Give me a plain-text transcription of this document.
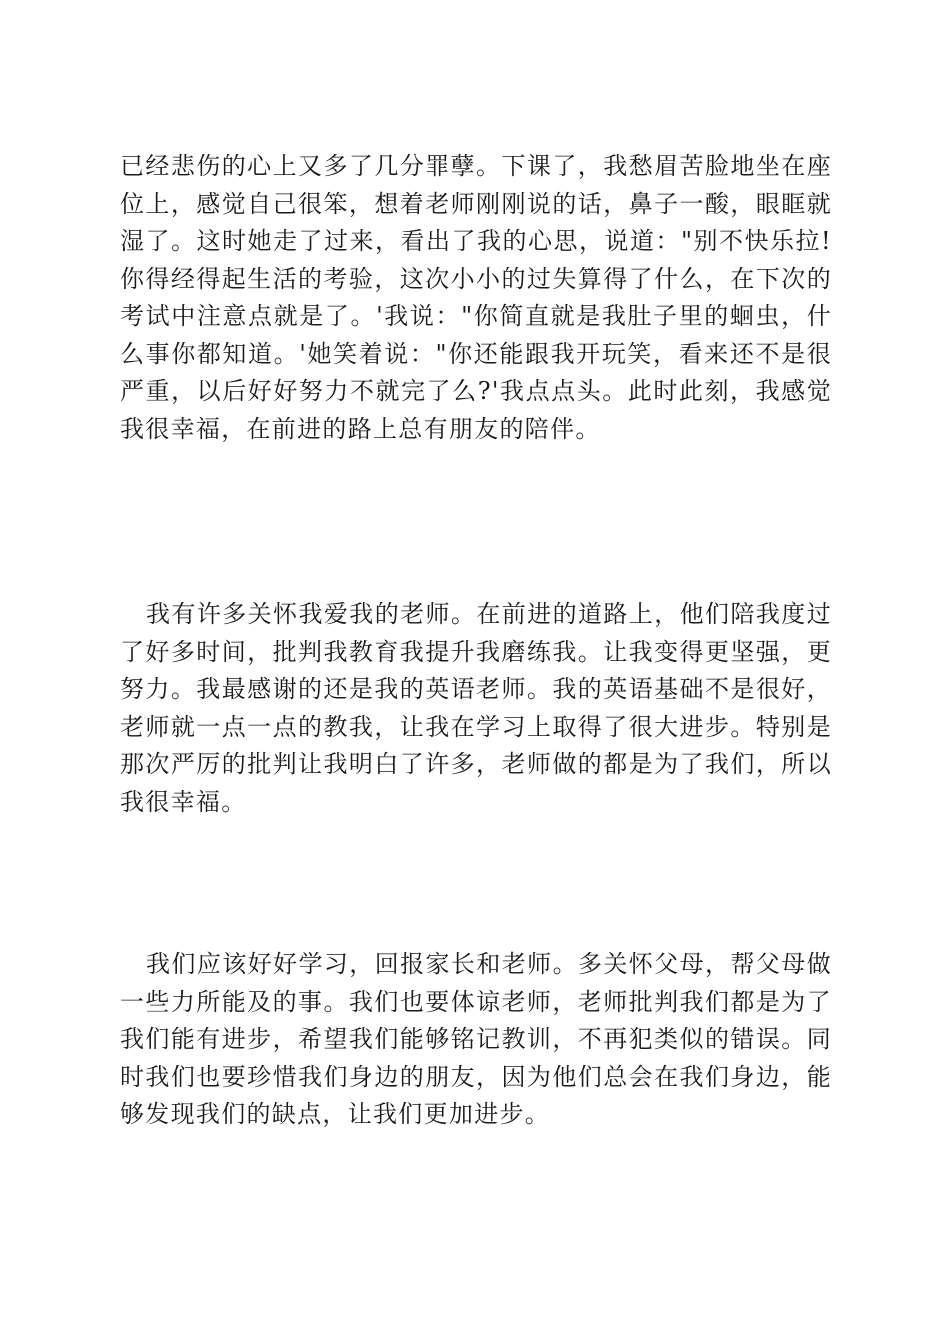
已经悲伤的心上又多了几分罪孽。下课了，我愁眉苦脸地坐在座位上，感觉自己很笨，想着老师刚刚说的话，鼻子一酸，眼眶就湿了。这时她走了过来，看出了我的心思，说道："别不快乐拉!你得经得起生活的考验，这次小小的过失算得了什么，在下次的考试中注意点就是了。'我说："你简直就是我肚子里的蛔虫，什么事你都知道。'她笑着说："你还能跟我开玩笑，看来还不是很严重，以后好好努力不就完了么?'我点点头。此时此刻，我感觉我很幸福，在前进的路上总有朋友的陪伴。

我有许多关怀我爱我的老师。在前进的道路上，他们陪我度过了好多时间，批判我教育我提升我磨练我。让我变得更坚强，更努力。我最感谢的还是我的英语老师。我的英语基础不是很好，老师就一点一点的教我，让我在学习上取得了很大进步。特别是那次严厉的批判让我明白了许多，老师做的都是为了我们，所以我很幸福。

我们应该好好学习，回报家长和老师。多关怀父母，帮父母做一些力所能及的事。我们也要体谅老师，老师批判我们都是为了我们能有进步，希望我们能够铭记教训，不再犯类似的错误。同时我们也要珍惜我们身边的朋友，因为他们总会在我们身边，能够发现我们的缺点，让我们更加进步。
